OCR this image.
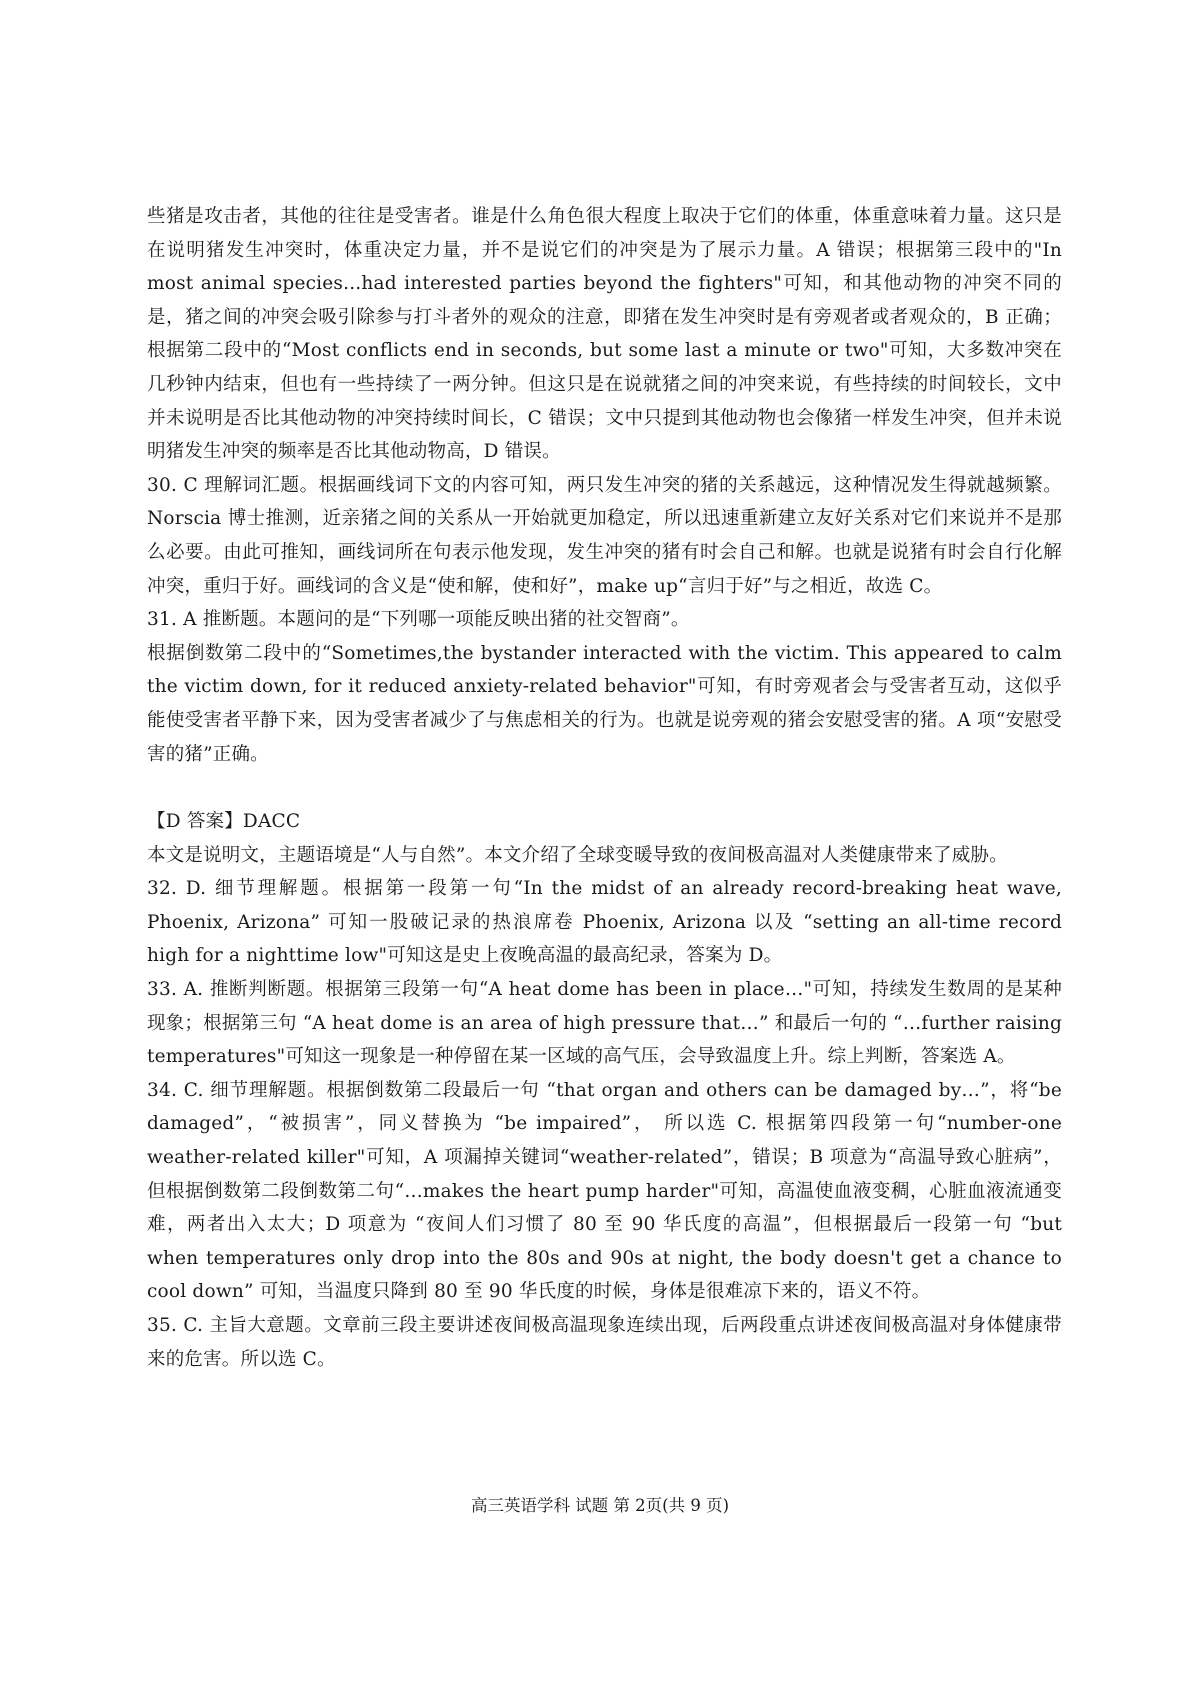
些猪是攻击者，其他的往往是受害者。谁是什么角色很大程度上取决于它们的体重，体重意味着力量。这只是在说明猪发生冲突时，体重决定力量，并不是说它们的冲突是为了展示力量。A 错误；根据第三段中的"In most animal species...had interested parties beyond the fighters"可知，和其他动物的冲突不同的是，猪之间的冲突会吸引除参与打斗者外的观众的注意，即猪在发生冲突时是有旁观者或者观众的，B 正确；根据第二段中的“Most conflicts end in seconds, but some last a minute or two"可知，大多数冲突在几秒钟内结束，但也有一些持续了一两分钟。但这只是在说就猪之间的冲突来说，有些持续的时间较长，文中并未说明是否比其他动物的冲突持续时间长，C 错误；文中只提到其他动物也会像猪一样发生冲突，但并未说明猪发生冲突的频率是否比其他动物高，D 错误。

30. C 理解词汇题。根据画线词下文的内容可知，两只发生冲突的猪的关系越远，这种情况发生得就越频繁。Norscia 博士推测，近亲猪之间的关系从一开始就更加稳定，所以迅速重新建立友好关系对它们来说并不是那么必要。由此可推知，画线词所在句表示他发现，发生冲突的猪有时会自己和解。也就是说猪有时会自行化解冲突，重归于好。画线词的含义是“使和解，使和好”，make up“言归于好”与之相近，故选 C。

31. A 推断题。本题问的是“下列哪一项能反映出猪的社交智商”。

根据倒数第二段中的“Sometimes,the bystander interacted with the victim. This appeared to calm the victim down, for it reduced anxiety-related behavior"可知，有时旁观者会与受害者互动，这似乎能使受害者平静下来，因为受害者减少了与焦虑相关的行为。也就是说旁观的猪会安慰受害的猪。A 项“安慰受害的猪”正确。

【D 答案】DACC

本文是说明文，主题语境是“人与自然”。本文介绍了全球变暖导致的夜间极高温对人类健康带来了威胁。

32. D. 细节理解题。根据第一段第一句“In the midst of an already record-breaking heat wave, Phoenix, Arizona” 可知一股破记录的热浪席卷 Phoenix, Arizona 以及 “setting an all-time record high for a nighttime low"可知这是史上夜晚高温的最高纪录，答案为 D。

33. A. 推断判断题。根据第三段第一句“A heat dome has been in place…"可知，持续发生数周的是某种现象；根据第三句 “A heat dome is an area of high pressure that…” 和最后一句的 “…further raising temperatures"可知这一现象是一种停留在某一区域的高气压，会导致温度上升。综上判断，答案选 A。

34. C. 细节理解题。根据倒数第二段最后一句 “that organ and others can be damaged by…”，将“be damaged”，“被损害”，同义替换为 “be impaired”， 所以选 C. 根据第四段第一句“number-one weather-related killer"可知，A 项漏掉关键词“weather-related”，错误；B 项意为“高温导致心脏病”，但根据倒数第二段倒数第二句“…makes the heart pump harder"可知，高温使血液变稠，心脏血液流通变难，两者出入太大；D 项意为 “夜间人们习惯了 80 至 90 华氏度的高温”，但根据最后一段第一句 “but when temperatures only drop into the 80s and 90s at night, the body doesn't get a chance to cool down” 可知，当温度只降到 80 至 90 华氏度的时候，身体是很难凉下来的，语义不符。

35. C. 主旨大意题。文章前三段主要讲述夜间极高温现象连续出现，后两段重点讲述夜间极高温对身体健康带来的危害。所以选 C。

高三英语学科 试题 第 2页(共 9 页)
